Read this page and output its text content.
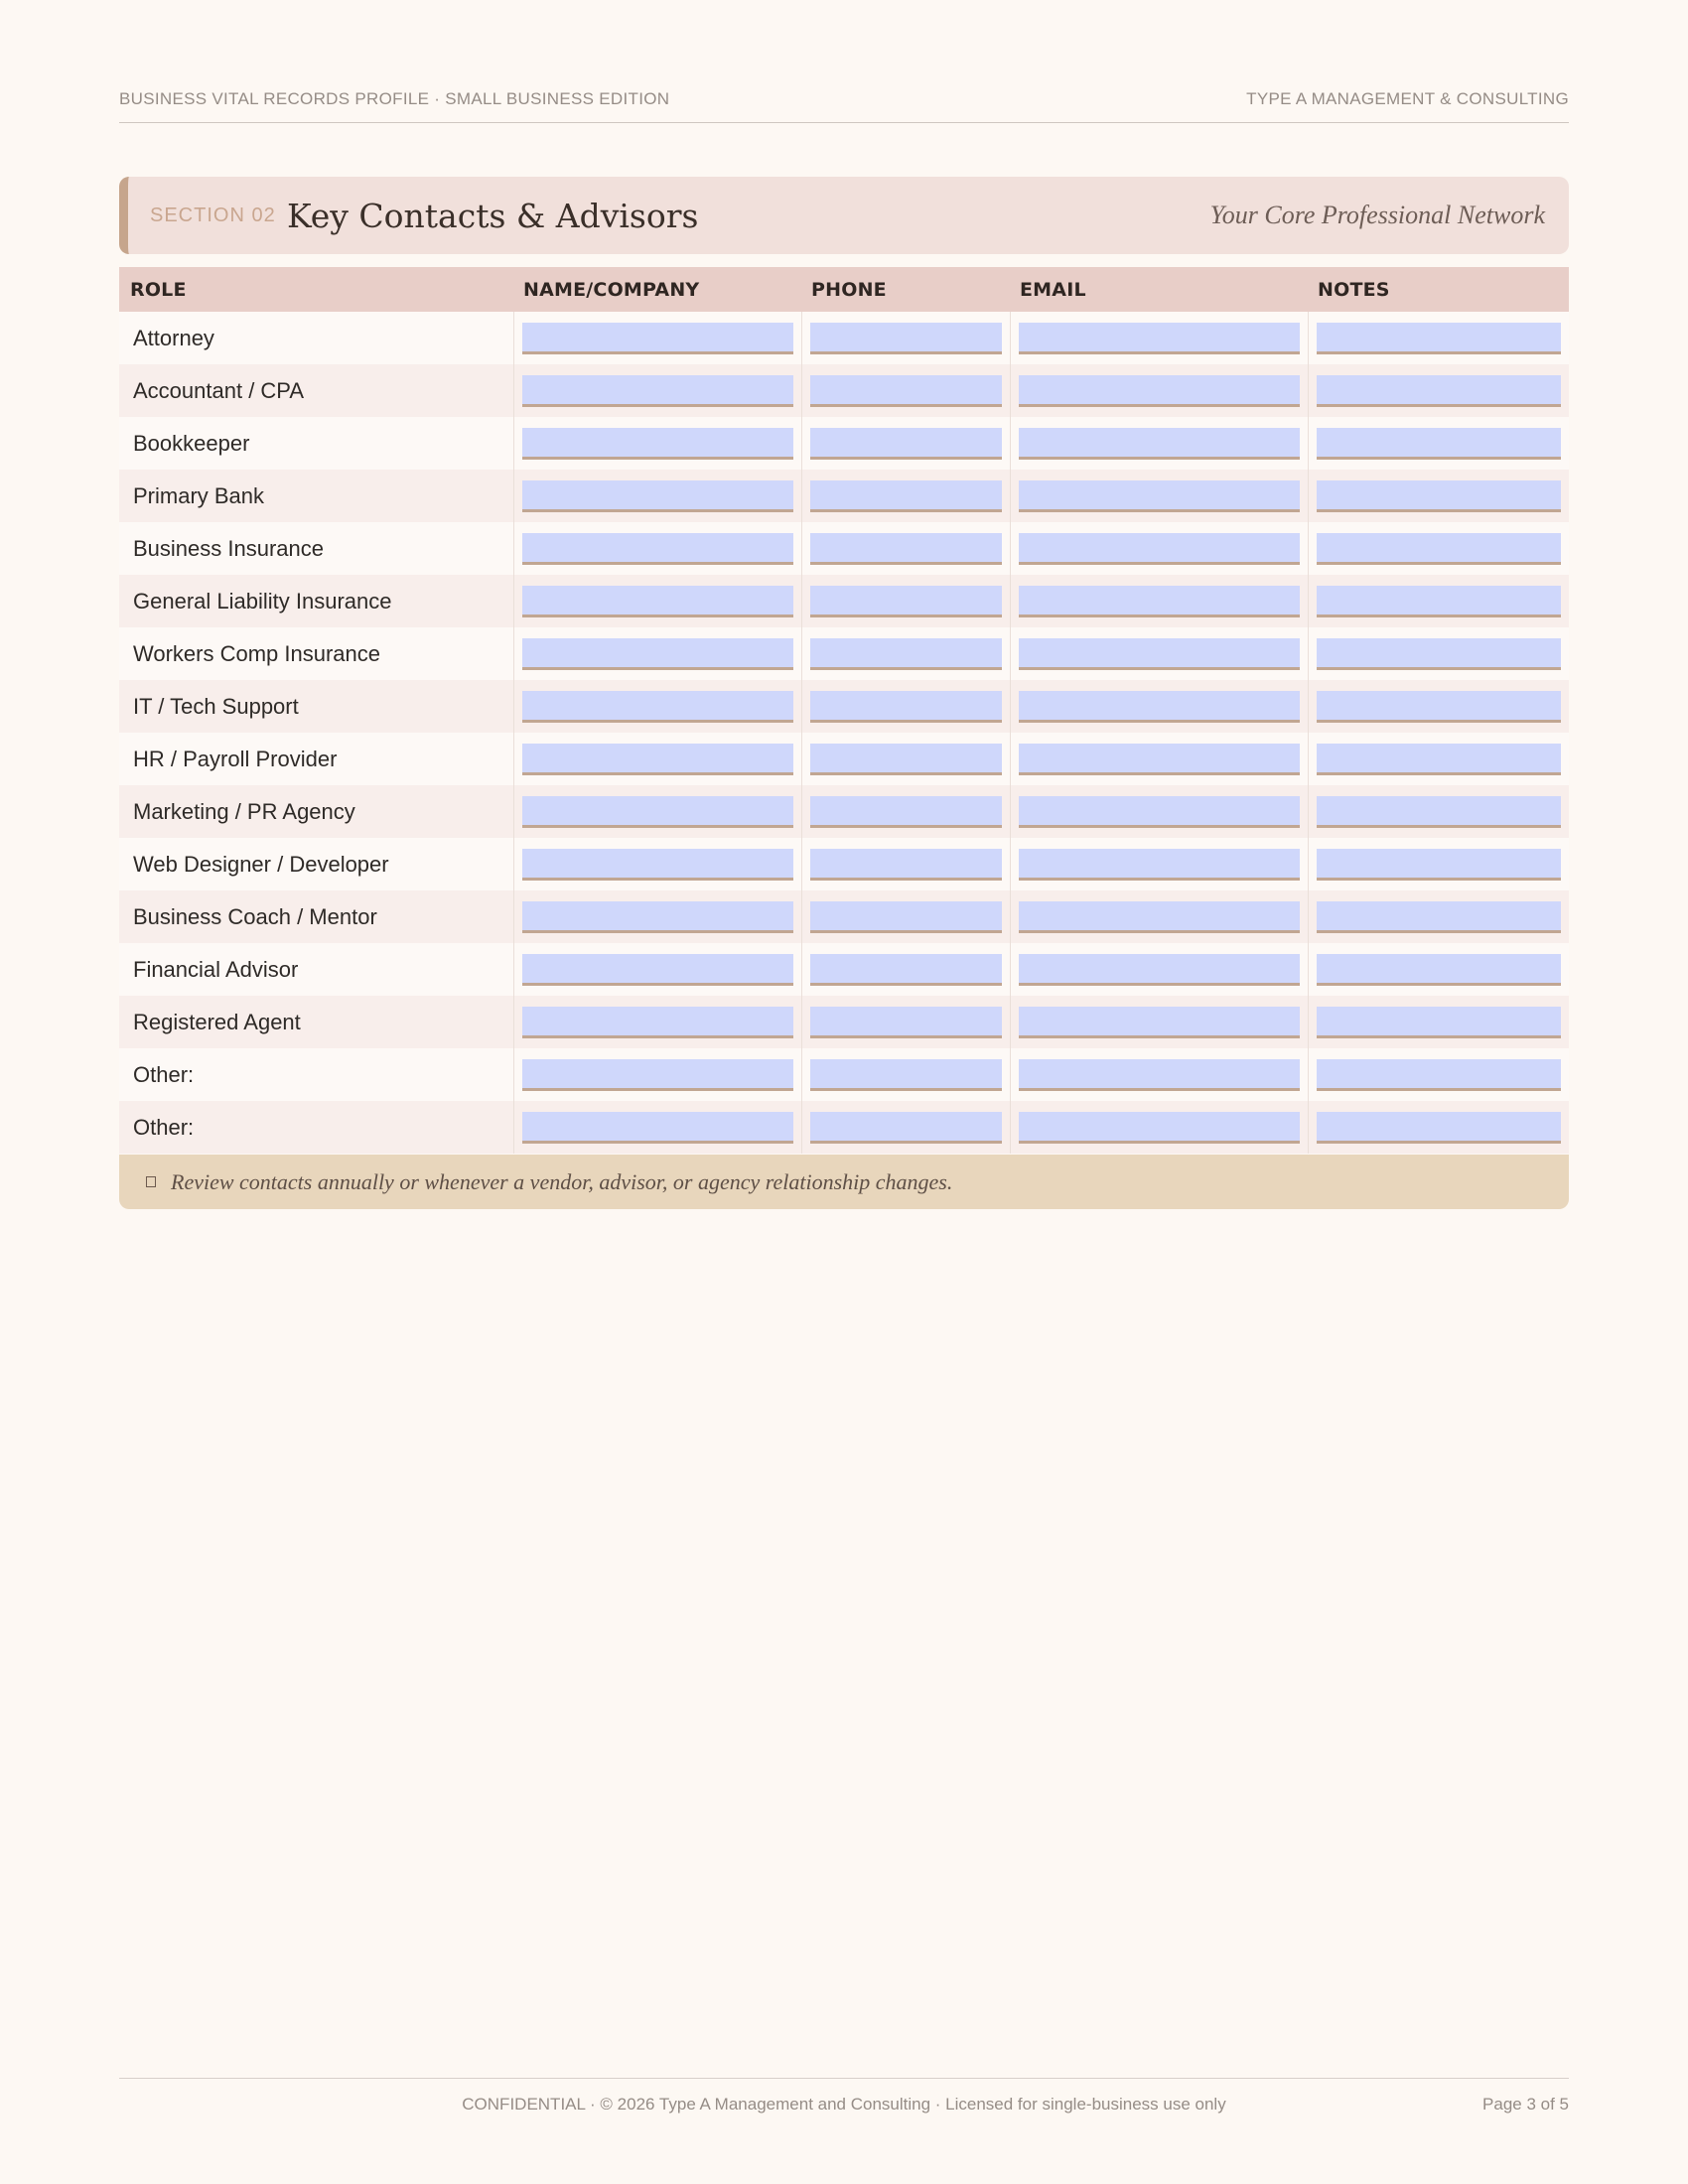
BUSINESS VITAL RECORDS PROFILE · SMALL BUSINESS EDITION	TYPE A MANAGEMENT & CONSULTING
SECTION 02 Key Contacts & Advisors	Your Core Professional Network
ROLE	NAME/COMPANY	PHONE	EMAIL	NOTES
Attorney
Accountant / CPA
Bookkeeper
Primary Bank
Business Insurance
General Liability Insurance
Workers Comp Insurance
IT / Tech Support
HR / Payroll Provider
Marketing / PR Agency
Web Designer / Developer
Business Coach / Mentor
Financial Advisor
Registered Agent
Other:
Other:
Review contacts annually or whenever a vendor, advisor, or agency relationship changes.
CONFIDENTIAL · © 2026 Type A Management and Consulting · Licensed for single-business use only	Page 3 of 5
